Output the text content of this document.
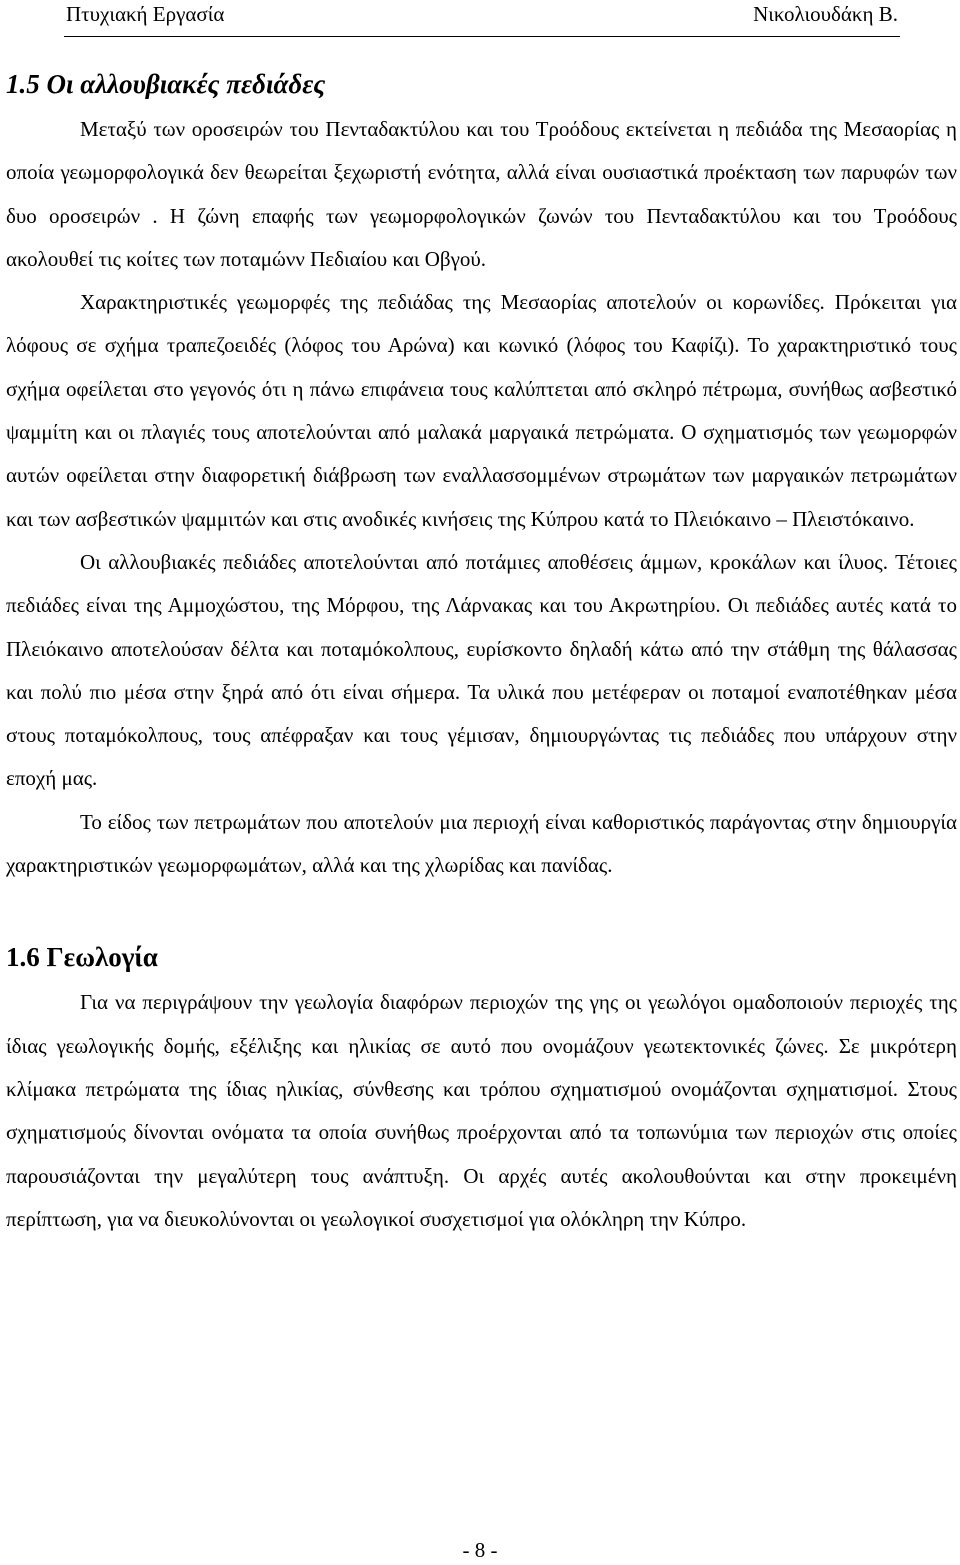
Πτυχιακή Εργασία	Νικολιουδάκη Β.
1.5 Οι αλλουβιακές πεδιάδες

Μεταξύ των οροσειρών του Πενταδακτύλου και του Τροόδους εκτείνεται η πεδιάδα της Μεσαορίας η οποία γεωμορφολογικά δεν θεωρείται ξεχωριστή ενότητα, αλλά είναι ουσιαστικά προέκταση των παρυφών των δυο οροσειρών . Η ζώνη επαφής των γεωμορφολογικών ζωνών του Πενταδακτύλου και του Τροόδους ακολουθεί τις κοίτες των ποταμώνν Πεδιαίου και Οβγού.

Χαρακτηριστικές γεωμορφές της πεδιάδας της Μεσαορίας αποτελούν οι κορωνίδες. Πρόκειται για λόφους σε σχήμα τραπεζοειδές (λόφος του Αρώνα) και κωνικό (λόφος του Καφίζι). Το χαρακτηριστικό τους σχήμα οφείλεται στο γεγονός ότι η πάνω επιφάνεια τους καλύπτεται από σκληρό πέτρωμα, συνήθως ασβεστικό ψαμμίτη και οι πλαγιές τους αποτελούνται από μαλακά μαργαικά πετρώματα. Ο σχηματισμός των γεωμορφών αυτών οφείλεται στην διαφορετική διάβρωση των εναλλασσομμένων στρωμάτων των μαργαικών πετρωμάτων και των ασβεστικών ψαμμιτών και στις ανοδικές κινήσεις της Κύπρου κατά το Πλειόκαινο – Πλειστόκαινο.

Οι αλλουβιακές πεδιάδες αποτελούνται από ποτάμιες αποθέσεις άμμων, κροκάλων και ίλυος. Τέτοιες πεδιάδες είναι της Αμμοχώστου, της Μόρφου, της Λάρνακας και του Ακρωτηρίου. Οι πεδιάδες αυτές κατά το Πλειόκαινο αποτελούσαν δέλτα και ποταμόκολπους, ευρίσκοντο δηλαδή κάτω από την στάθμη της θάλασσας και πολύ πιο μέσα στην ξηρά από ότι είναι σήμερα. Τα υλικά που μετέφεραν οι ποταμοί εναποτέθηκαν μέσα στους ποταμόκολπους, τους απέφραξαν και τους γέμισαν, δημιουργώντας τις πεδιάδες που υπάρχουν στην εποχή μας.

Το είδος των πετρωμάτων που αποτελούν μια περιοχή είναι καθοριστικός παράγοντας στην δημιουργία χαρακτηριστικών γεωμορφωμάτων, αλλά και της χλωρίδας και πανίδας.

1.6 Γεωλογία

Για να περιγράψουν την γεωλογία διαφόρων περιοχών της γης οι γεωλόγοι ομαδοποιούν περιοχές της ίδιας γεωλογικής δομής, εξέλιξης και ηλικίας σε αυτό που ονομάζουν γεωτεκτονικές ζώνες. Σε μικρότερη κλίμακα πετρώματα της ίδιας ηλικίας, σύνθεσης και τρόπου σχηματισμού ονομάζονται σχηματισμοί. Στους σχηματισμούς δίνονται ονόματα τα οποία συνήθως προέρχονται από τα τοπωνύμια των περιοχών στις οποίες παρουσιάζονται την μεγαλύτερη τους ανάπτυξη. Οι αρχές αυτές ακολουθούνται και στην προκειμένη περίπτωση, για να διευκολύνονται οι γεωλογικοί συσχετισμοί για ολόκληρη την Κύπρο.

- 8 -
